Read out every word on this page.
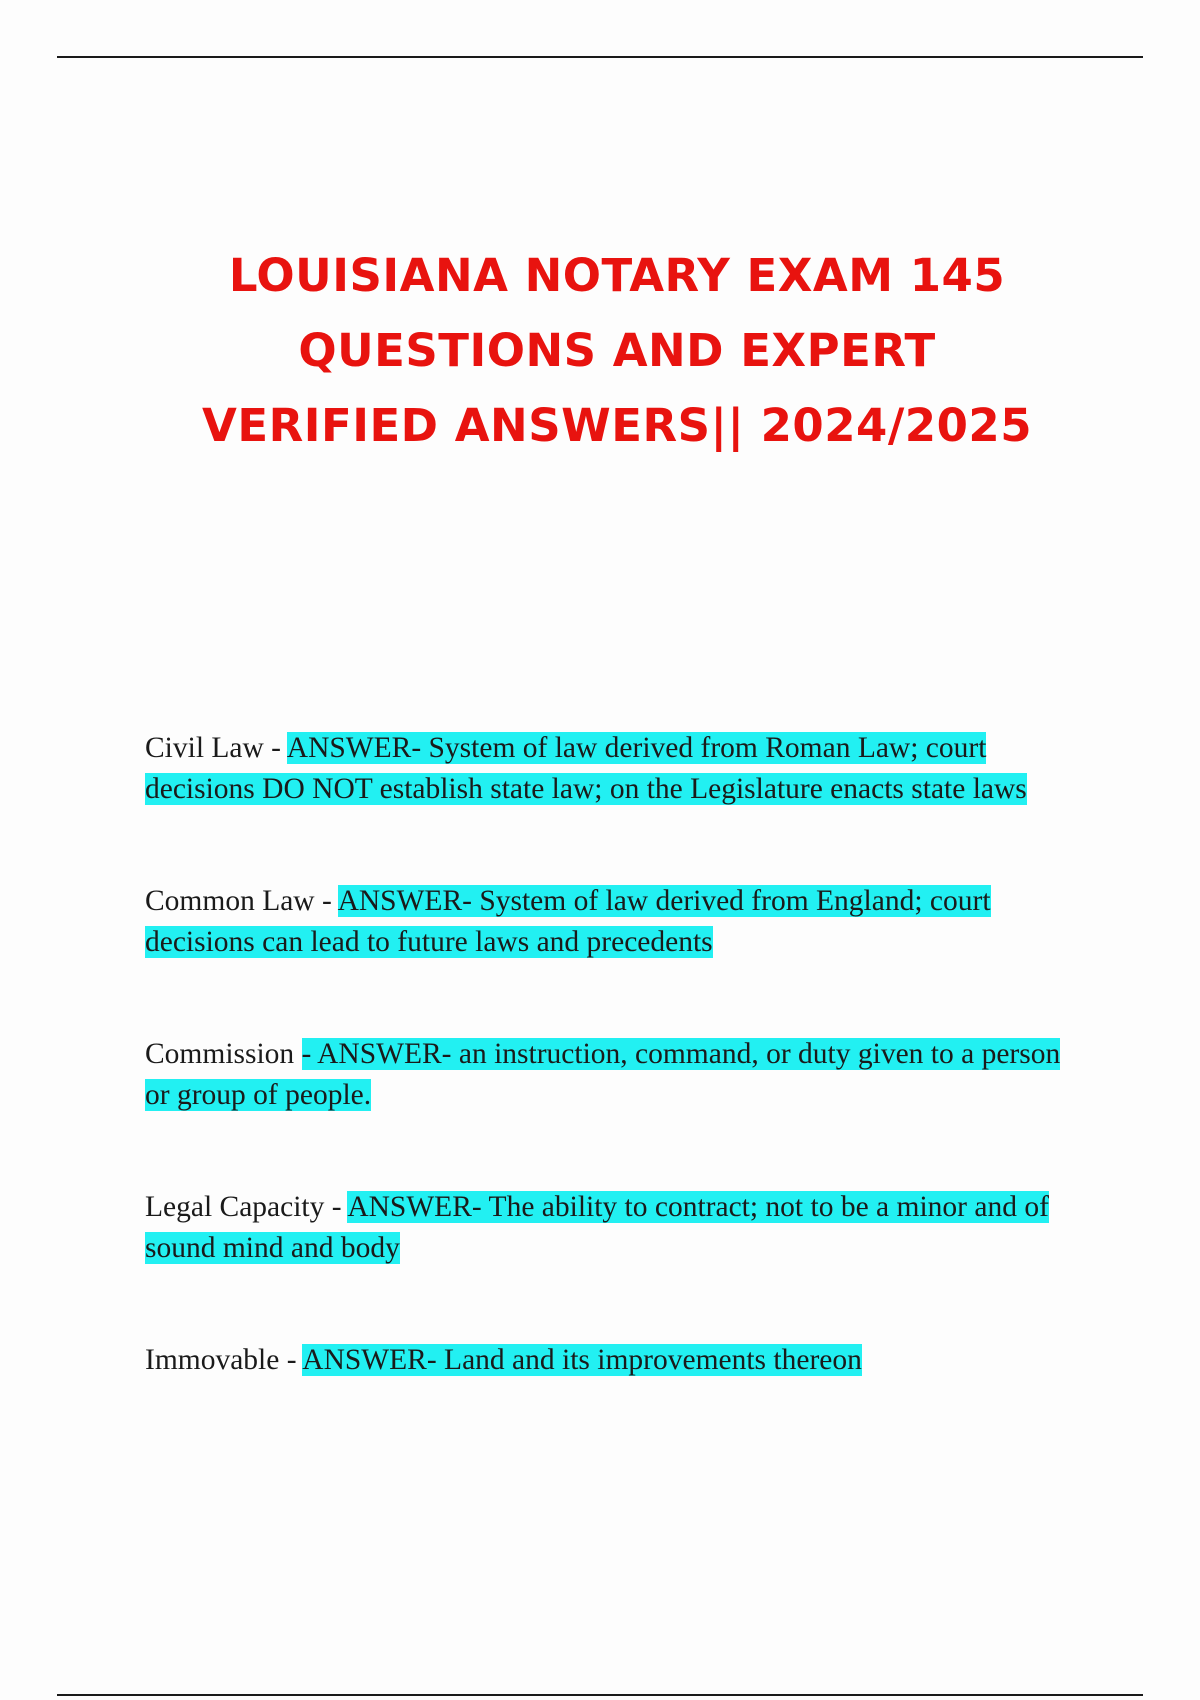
LOUISIANA NOTARY EXAM 145
QUESTIONS AND EXPERT
VERIFIED ANSWERS|| 2024/2025

Civil Law - ANSWER- System of law derived from Roman Law; court decisions DO NOT establish state law; on the Legislature enacts state laws

Common Law - ANSWER- System of law derived from England; court decisions can lead to future laws and precedents

Commission - ANSWER- an instruction, command, or duty given to a person or group of people.

Legal Capacity - ANSWER- The ability to contract; not to be a minor and of sound mind and body

Immovable - ANSWER- Land and its improvements thereon
